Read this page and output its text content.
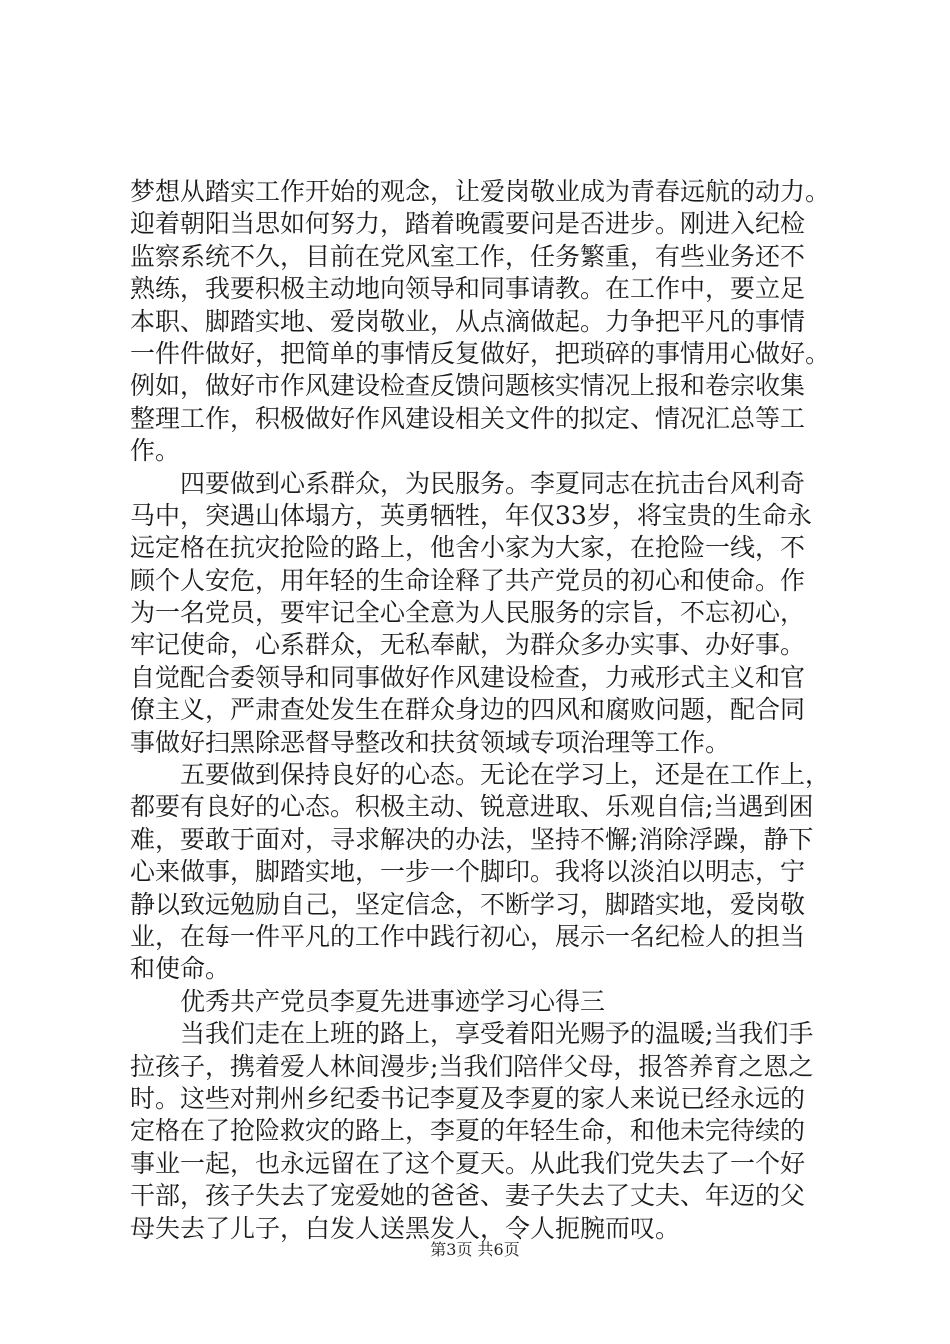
梦想从踏实工作开始的观念，让爱岗敬业成为青春远航的动力。
迎着朝阳当思如何努力，踏着晚霞要问是否进步。刚进入纪检
监察系统不久，目前在党风室工作，任务繁重，有些业务还不
熟练，我要积极主动地向领导和同事请教。在工作中，要立足
本职、脚踏实地、爱岗敬业，从点滴做起。力争把平凡的事情
一件件做好，把简单的事情反复做好，把琐碎的事情用心做好。
例如，做好市作风建设检查反馈问题核实情况上报和卷宗收集
整理工作，积极做好作风建设相关文件的拟定、情况汇总等工
作。
四要做到心系群众，为民服务。李夏同志在抗击台风利奇
马中，突遇山体塌方，英勇牺牲，年仅33岁，将宝贵的生命永
远定格在抗灾抢险的路上，他舍小家为大家，在抢险一线，不
顾个人安危，用年轻的生命诠释了共产党员的初心和使命。作
为一名党员，要牢记全心全意为人民服务的宗旨，不忘初心，
牢记使命，心系群众，无私奉献，为群众多办实事、办好事。
自觉配合委领导和同事做好作风建设检查，力戒形式主义和官
僚主义，严肃查处发生在群众身边的四风和腐败问题，配合同
事做好扫黑除恶督导整改和扶贫领域专项治理等工作。
五要做到保持良好的心态。无论在学习上，还是在工作上，
都要有良好的心态。积极主动、锐意进取、乐观自信;当遇到困
难，要敢于面对，寻求解决的办法，坚持不懈;消除浮躁，静下
心来做事，脚踏实地，一步一个脚印。我将以淡泊以明志，宁
静以致远勉励自己，坚定信念，不断学习，脚踏实地，爱岗敬
业，在每一件平凡的工作中践行初心，展示一名纪检人的担当
和使命。
优秀共产党员李夏先进事迹学习心得三
当我们走在上班的路上，享受着阳光赐予的温暖;当我们手
拉孩子，携着爱人林间漫步;当我们陪伴父母，报答养育之恩之
时。这些对荆州乡纪委书记李夏及李夏的家人来说已经永远的
定格在了抢险救灾的路上，李夏的年轻生命，和他未完待续的
事业一起，也永远留在了这个夏天。从此我们党失去了一个好
干部，孩子失去了宠爱她的爸爸、妻子失去了丈夫、年迈的父
母失去了儿子，白发人送黑发人，令人扼腕而叹。
第3页 共6页
